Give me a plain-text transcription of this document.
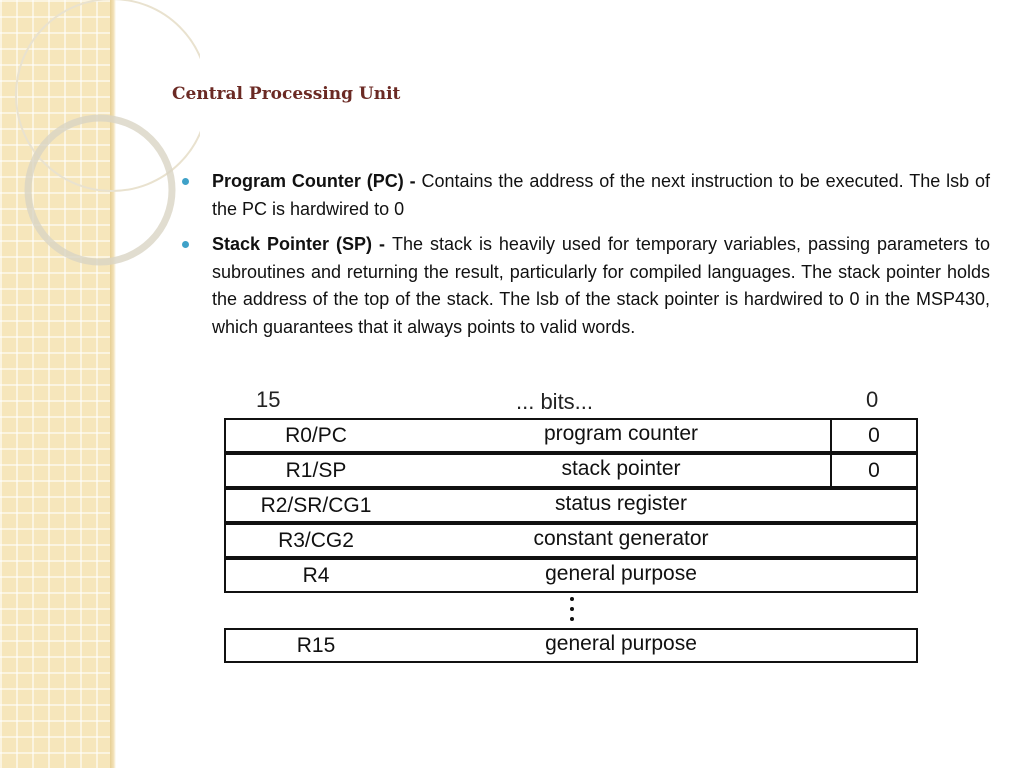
Central Processing Unit
Program Counter (PC) - Contains the address of the next instruction to be executed. The lsb of the PC is hardwired to 0
Stack Pointer (SP) - The stack is heavily used for temporary variables, passing parameters to subroutines and returning the result, particularly for compiled languages. The stack pointer holds the address of the top of the stack. The lsb of the stack pointer is hardwired to 0 in the MSP430, which guarantees that it always points to valid words.
15	... bits...	0
R0/PC	program counter	0
R1/SP	stack pointer	0
R2/SR/CG1	status register
R3/CG2	constant generator
R4	general purpose
R15	general purpose
